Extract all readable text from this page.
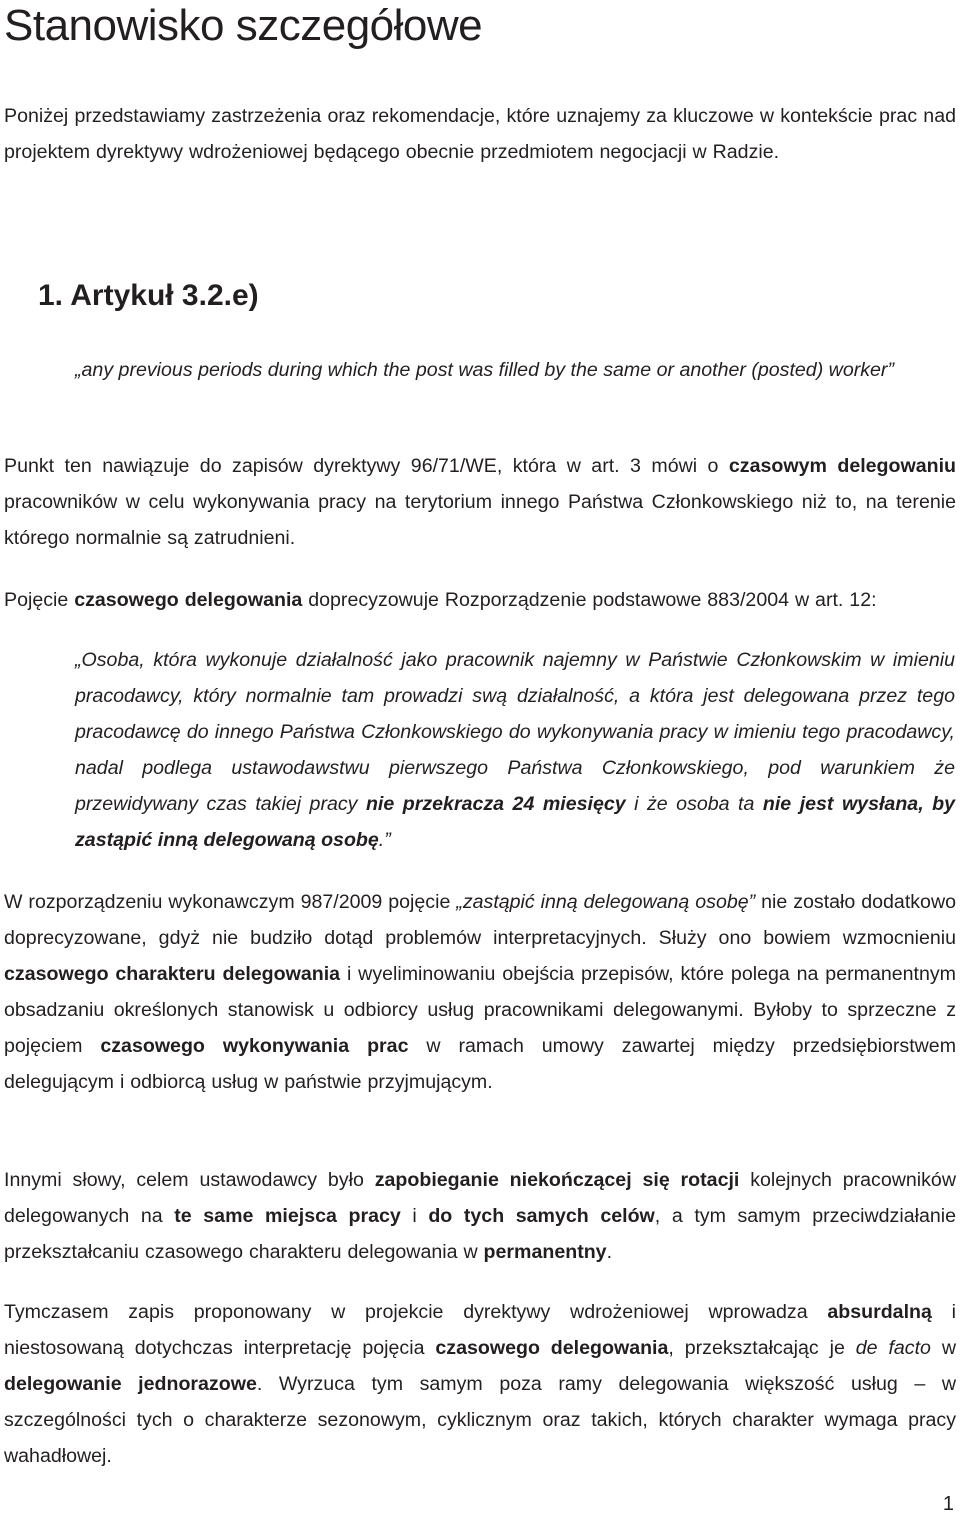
Stanowisko szczegółowe

Poniżej przedstawiamy zastrzeżenia oraz rekomendacje, które uznajemy za kluczowe w kontekście prac nad projektem dyrektywy wdrożeniowej będącego obecnie przedmiotem negocjacji w Radzie.

1. Artykuł 3.2.e)

„any previous periods during which the post was filled by the same or another (posted) worker”

Punkt ten nawiązuje do zapisów dyrektywy 96/71/WE, która w art. 3 mówi o czasowym delegowaniu pracowników w celu wykonywania pracy na terytorium innego Państwa Członkowskiego niż to, na terenie którego normalnie są zatrudnieni.

Pojęcie czasowego delegowania doprecyzowuje Rozporządzenie podstawowe 883/2004 w art. 12:

„Osoba, która wykonuje działalność jako pracownik najemny w Państwie Członkowskim w imieniu pracodawcy, który normalnie tam prowadzi swą działalność, a która jest delegowana przez tego pracodawcę do innego Państwa Członkowskiego do wykonywania pracy w imieniu tego pracodawcy, nadal podlega ustawodawstwu pierwszego Państwa Członkowskiego, pod warunkiem że przewidywany czas takiej pracy nie przekracza 24 miesięcy i że osoba ta nie jest wysłana, by zastąpić inną delegowaną osobę.”

W rozporządzeniu wykonawczym 987/2009 pojęcie „zastąpić inną delegowaną osobę” nie zostało dodatkowo doprecyzowane, gdyż nie budziło dotąd problemów interpretacyjnych. Służy ono bowiem wzmocnieniu czasowego charakteru delegowania i wyeliminowaniu obejścia przepisów, które polega na permanentnym obsadzaniu określonych stanowisk u odbiorcy usług pracownikami delegowanymi. Byłoby to sprzeczne z pojęciem czasowego wykonywania prac w ramach umowy zawartej między przedsiębiorstwem delegującym i odbiorcą usług w państwie przyjmującym.

Innymi słowy, celem ustawodawcy było zapobieganie niekończącej się rotacji kolejnych pracowników delegowanych na te same miejsca pracy i do tych samych celów, a tym samym przeciwdziałanie przekształcaniu czasowego charakteru delegowania w permanentny.

Tymczasem zapis proponowany w projekcie dyrektywy wdrożeniowej wprowadza absurdalną i niestosowaną dotychczas interpretację pojęcia czasowego delegowania, przekształcając je de facto w delegowanie jednorazowe. Wyrzuca tym samym poza ramy delegowania większość usług – w szczególności tych o charakterze sezonowym, cyklicznym oraz takich, których charakter wymaga pracy wahadłowej.

1
